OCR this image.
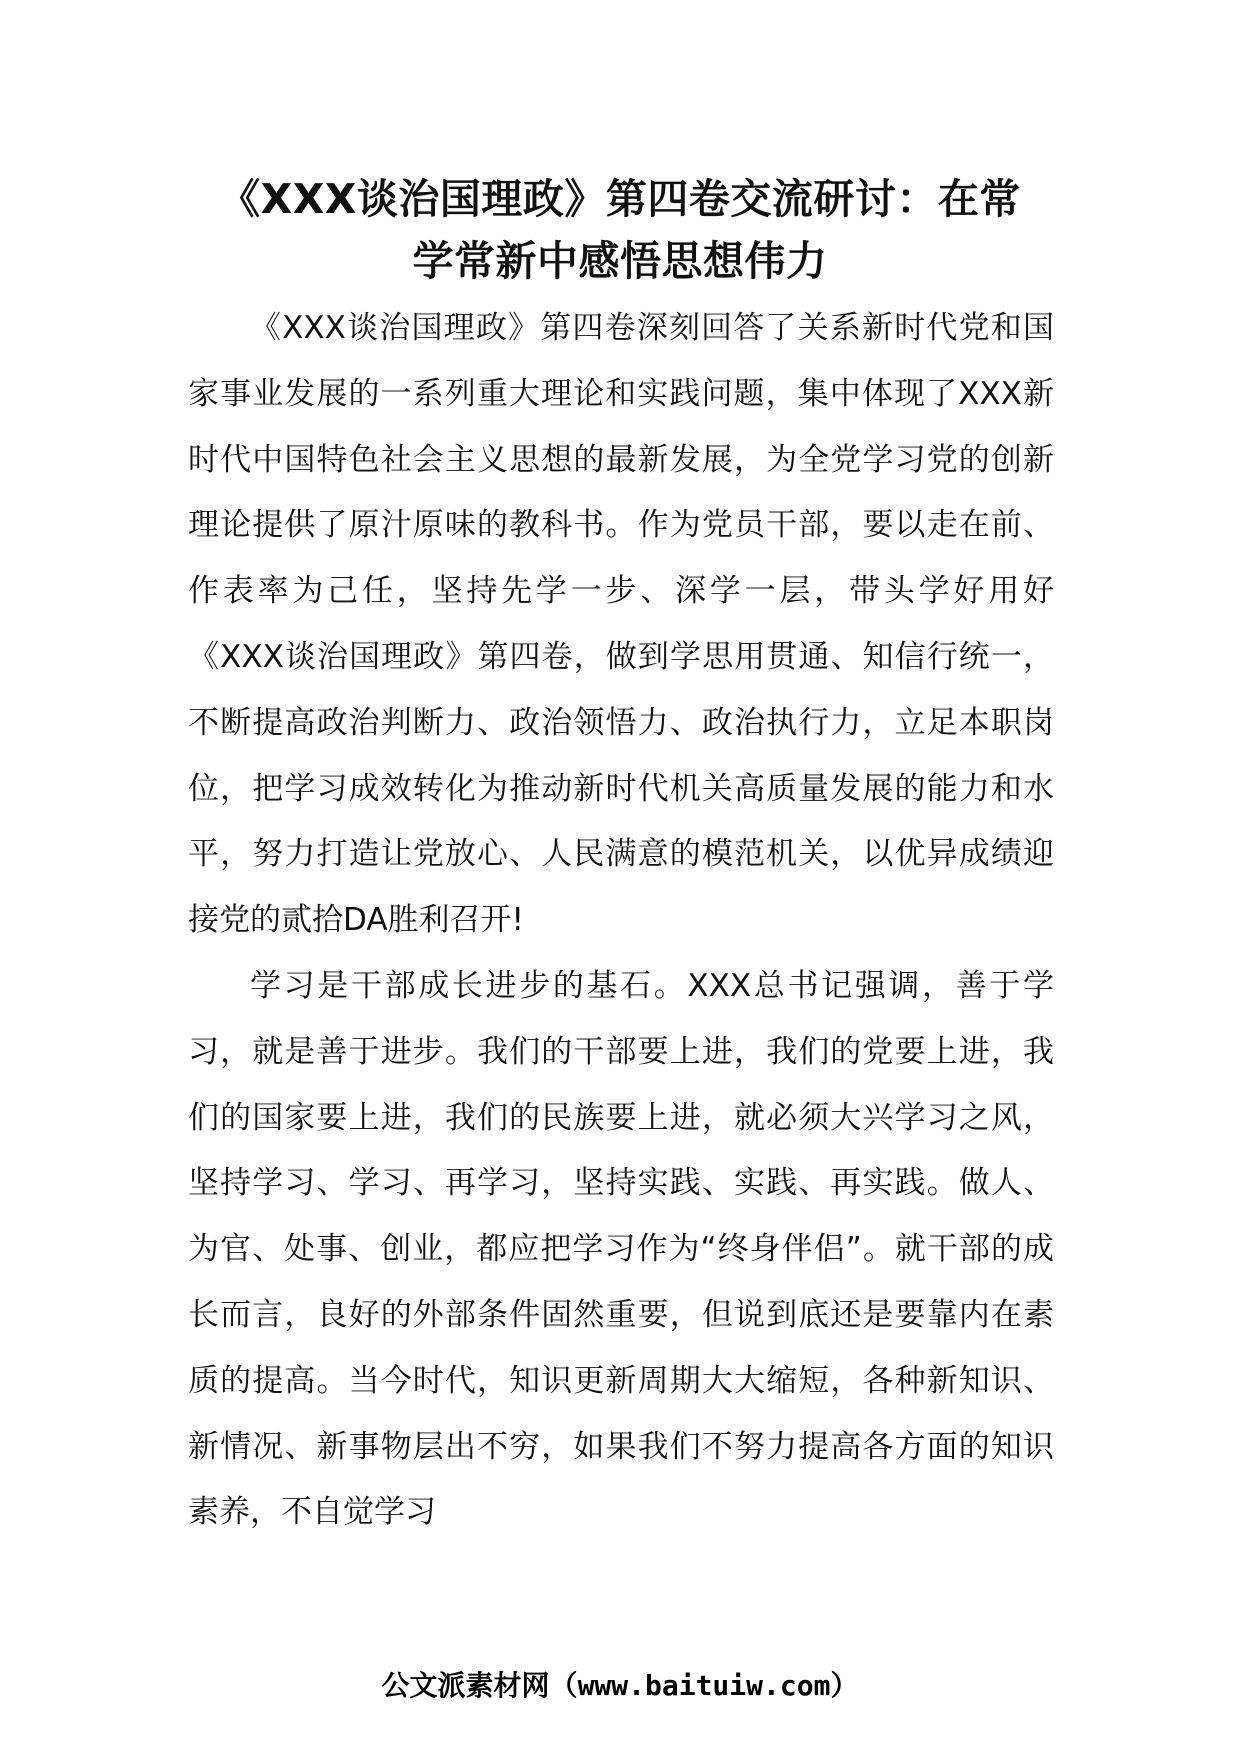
《XXX谈治国理政》第四卷交流研讨：在常
学常新中感悟思想伟力

《XXX谈治国理政》第四卷深刻回答了关系新时代党和国家事业发展的一系列重大理论和实践问题，集中体现了XXX新时代中国特色社会主义思想的最新发展，为全党学习党的创新理论提供了原汁原味的教科书。作为党员干部，要以走在前、作表率为己任，坚持先学一步、深学一层，带头学好用好《XXX谈治国理政》第四卷，做到学思用贯通、知信行统一，不断提高政治判断力、政治领悟力、政治执行力，立足本职岗位，把学习成效转化为推动新时代机关高质量发展的能力和水平，努力打造让党放心、人民满意的模范机关，以优异成绩迎接党的贰拾DA胜利召开!

学习是干部成长进步的基石。XXX总书记强调，善于学习，就是善于进步。我们的干部要上进，我们的党要上进，我们的国家要上进，我们的民族要上进，就必须大兴学习之风，坚持学习、学习、再学习，坚持实践、实践、再实践。做人、为官、处事、创业，都应把学习作为“终身伴侣”。就干部的成长而言，良好的外部条件固然重要，但说到底还是要靠内在素质的提高。当今时代，知识更新周期大大缩短，各种新知识、新情况、新事物层出不穷，如果我们不努力提高各方面的知识素养，不自觉学习

公文派素材网（www.baituiw.com）
